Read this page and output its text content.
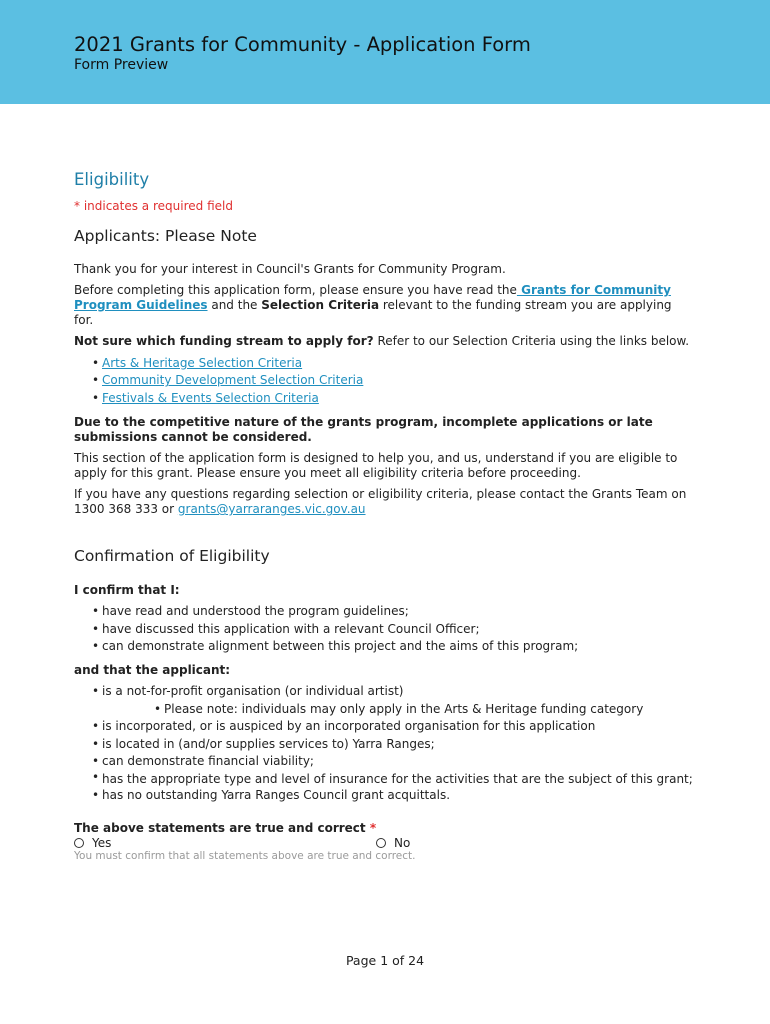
2021 Grants for Community - Application Form
Form Preview
Eligibility
* indicates a required field
Applicants: Please Note

Thank you for your interest in Council's Grants for Community Program.

Before completing this application form, please ensure you have read the Grants for Community Program Guidelines and the Selection Criteria relevant to the funding stream you are applying for.

Not sure which funding stream to apply for? Refer to our Selection Criteria using the links below.

• Arts & Heritage Selection Criteria
• Community Development Selection Criteria
• Festivals & Events Selection Criteria

Due to the competitive nature of the grants program, incomplete applications or late submissions cannot be considered.

This section of the application form is designed to help you, and us, understand if you are eligible to apply for this grant. Please ensure you meet all eligibility criteria before proceeding.

If you have any questions regarding selection or eligibility criteria, please contact the Grants Team on 1300 368 333 or grants@yarraranges.vic.gov.au

Confirmation of Eligibility
I confirm that I:
• have read and understood the program guidelines;
• have discussed this application with a relevant Council Officer;
• can demonstrate alignment between this project and the aims of this program;
and that the applicant:
• is a not-for-profit organisation (or individual artist)
• Please note: individuals may only apply in the Arts & Heritage funding category
• is incorporated, or is auspiced by an incorporated organisation for this application
• is located in (and/or supplies services to) Yarra Ranges;
• can demonstrate financial viability;
• has the appropriate type and level of insurance for the activities that are the subject of this grant;
• has no outstanding Yarra Ranges Council grant acquittals.
The above statements are true and correct *
Yes	No
You must confirm that all statements above are true and correct.
Page 1 of 24
